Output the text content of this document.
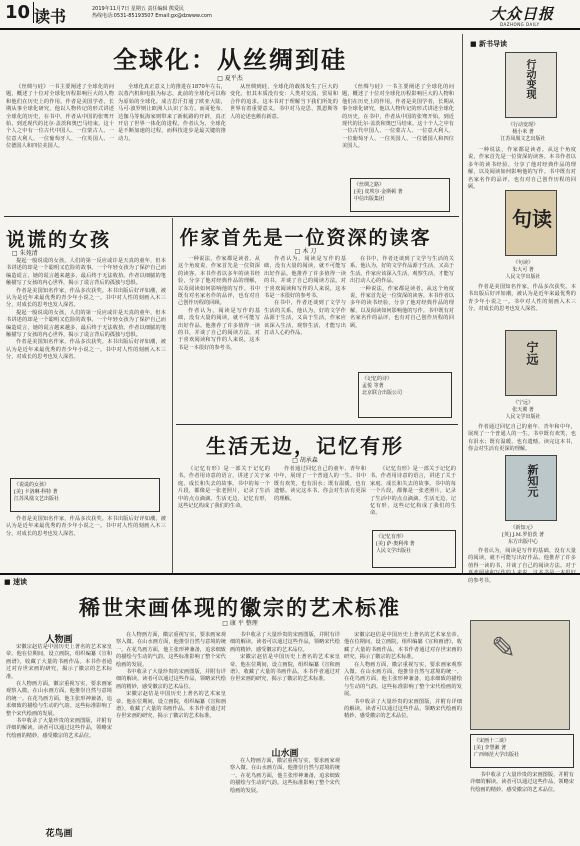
10 读书	2019年11月7日 星期五 责任编辑 熊爱民
热线电话:0531-85193507 Email:gx@dzwww.com	大众日报
DAZHONG DAILY
全球化：从丝绸到硅
□ 夏平杰

《丝绸与硅》一书主要阐述了全球化的问题，概述了十位对全球化历程影响巨大的人物和他们在历史上的作用。作者是美国学者，长期从事全球化研究，他以人物传记的形式讲述全球化的历史，在书中，作者从中国的张骞开始，到近现代的比尔·盖茨和奥巴马结束。这十个人之中有一位古代中国人、一位蒙古人、一位意大利人、一位葡萄牙人、一位英国人、一位德国人和四位美国人。

全球化真正意义上的推进在1870年左右，以蒸汽机和电报为标志，此前的全球化可以称为原始的全球化。成吉思汗打通了欧亚大陆，马可·波罗则让欧洲人认识了东方。而哥伦布、达伽马等航海家则带来了新航路的开辟，真正开启了世界一体化的进程。作者认为，全球化是不断加速的过程，而科技进步是最关键的推动力。

从丝绸到硅，全球化的载体发生了巨大的变化，但其本质没有变：人类对交流、贸易和合作的追求。这本书对于理解当下我们所处的世界有着重要意义。书中对马克思、凯恩斯等人的论述也颇有新意。

《丝绸与硅》一书主要阐述了全球化的问题，概述了十位对全球化历程影响巨大的人物和他们在历史上的作用。作者是美国学者，长期从事全球化研究，他以人物传记的形式讲述全球化的历史，在书中，作者从中国的张骞开始，到近现代的比尔·盖茨和奥巴马结束。这十个人之中有一位古代中国人、一位蒙古人、一位意大利人、一位葡萄牙人、一位英国人、一位德国人和四位美国人。

《丝绸之路》
[美] 皮埃尔·金斯顿 著
中信出版集团
说谎的女孩
□ 朱苑清

提起一般说谎的女孩，人们的第一反应或许是天真的童年，但本书讲述的却是一个聪明又危险的故事。一个年轻女孩为了保护自己而编造谎言，她的谎言越来越多，最后终于无法收拾。作者以细腻的笔触描写了女孩的内心世界，揭示了谎言背后的孤独与恐惧。

作者是美国知名作家，作品多次获奖。本书出版后好评如潮，被认为是近年来最优秀的青少年小说之一。书中对人性的刻画入木三分，对成长的思考也发人深省。

提起一般说谎的女孩，人们的第一反应或许是天真的童年，但本书讲述的却是一个聪明又危险的故事。一个年轻女孩为了保护自己而编造谎言，她的谎言越来越多，最后终于无法收拾。作者以细腻的笔触描写了女孩的内心世界，揭示了谎言背后的孤独与恐惧。

作者是美国知名作家，作品多次获奖。本书出版后好评如潮，被认为是近年来最优秀的青少年小说之一。书中对人性的刻画入木三分，对成长的思考也发人深省。

《说谎的女孩》
[美] 卡洛琳·科特 著
江苏凤凰文艺出版社

作者是美国知名作家，作品多次获奖。本书出版后好评如潮，被认为是近年来最优秀的青少年小说之一。书中对人性的刻画入木三分，对成长的思考也发人深省。

作家首先是一位资深的读客
□ 木 刀

一种说法，作家都是读者。从这个角度说，作家首先是一位资深的读客。本书作者以多年的读书经验，分享了他对经典作品的理解，以及阅读如何影响他的写作。书中既有对名家名作的品评，也有对自己创作历程的回顾。

作者认为，阅读是写作的基础，没有大量的阅读，就不可能写出好作品。他推荐了许多值得一读的书，并谈了自己的阅读方法。对于喜欢阅读和写作的人来说，这本书是一本很好的参考书。

作者认为，阅读是写作的基础，没有大量的阅读，就不可能写出好作品。他推荐了许多值得一读的书，并谈了自己的阅读方法。对于喜欢阅读和写作的人来说，这本书是一本很好的参考书。

在书中，作者还谈到了文学与生活的关系。他认为，好的文学作品源于生活，又高于生活。作家应该深入生活，观察生活，才能写出打动人心的作品。

在书中，作者还谈到了文学与生活的关系。他认为，好的文学作品源于生活，又高于生活。作家应该深入生活，观察生活，才能写出打动人心的作品。

一种说法，作家都是读者。从这个角度说，作家首先是一位资深的读客。本书作者以多年的读书经验，分享了他对经典作品的理解，以及阅读如何影响他的写作。书中既有对名家名作的品评，也有对自己创作历程的回顾。

《记忆的诗》
孟悦 等著
北京联合出版公司
生活无边，记忆有形
□ 胡承森

《记忆有形》是一部关于记忆的书。作者用诗意的语言，讲述了关于家庭、成长和失去的故事。书中的每一个片段，都像是一张老照片，记录了生活中的点点滴滴。生活无边，记忆有形，这些记忆构成了我们的生命。

作者通过回忆自己的童年、青年和中年，展现了一个普通人的一生。书中既有欢笑，也有泪水；既有温暖，也有遗憾。读完这本书，你会对生活有更深的理解。

《记忆有形》是一部关于记忆的书。作者用诗意的语言，讲述了关于家庭、成长和失去的故事。书中的每一个片段，都像是一张老照片，记录了生活中的点点滴滴。生活无边，记忆有形，这些记忆构成了我们的生命。

《记忆有形》
[美] 萨·奥利弗 著
人民文学出版社
■ 新书导读
行动变现
《行动变现》
杨小米 著
江苏凤凰文艺出版社

一种说法，作家都是读者。从这个角度说，作家首先是一位资深的读客。本书作者以多年的读书经验，分享了他对经典作品的理解，以及阅读如何影响他的写作。书中既有对名家名作的品评，也有对自己创作历程的回顾。

句读
《句读》
朱大可 著
人民文学出版社

作者是美国知名作家，作品多次获奖。本书出版后好评如潮，被认为是近年来最优秀的青少年小说之一。书中对人性的刻画入木三分，对成长的思考也发人深省。

宁远
《宁远》
张天翼 著
人民文学出版社

作者通过回忆自己的童年、青年和中年，展现了一个普通人的一生。书中既有欢笑，也有泪水；既有温暖，也有遗憾。读完这本书，你会对生活有更深的理解。

新知元
《新知元》
[英] J.M.罗伯茨 著
东方出版中心

作者认为，阅读是写作的基础，没有大量的阅读，就不可能写出好作品。他推荐了许多值得一读的书，并谈了自己的阅读方法。对于 的参考书。

■ 速读
稀世宋画体现的徽宗的艺术标准
□ 康 平 整理
人物画

宋徽宗赵佶是中国历史上著名的艺术家皇帝。他在位期间，设立画院，组织编纂《宣和画谱》，收藏了大量的书画作品。本书作者通过对存世宋画的研究，揭示了徽宗的艺术标准。

在人物画方面，徽宗重视写实，要求画家观察入微。在山水画方面，他推崇自然与意境的统一。在花鸟画方面，他主张形神兼备，追求细致的描绘与生动的气韵。这些标准影响了整个宋代绘画的发展。

书中收录了大量珍贵的宋画图版，并附有详细的解读。读者可以通过这些作品，领略宋代绘画的精妙，感受徽宗的艺术品位。

花鸟画

在人物画方面，徽宗重视写实，要求画家观察入微。在山水画方面，他推崇自然与意境的统一。在花鸟画方面，他主张形神兼备，追求细致的描绘与生动的气韵。这些标准影响了整个宋代绘画的发展。

书中收录了大量珍贵的宋画图版，并附有详细的解读。读者可以通过这些作品，领略宋代绘画的精妙，感受徽宗的艺术品位。

宋徽宗赵佶是中国历史上著名的艺术家皇帝。他在位期间，设立画院，组织编纂《宣和画谱》，收藏了大量的书画作品。本书作者通过对存世宋画的研究，揭示了徽宗的艺术标准。

书中收录了大量珍贵的宋画图版，并附有详细的解读。读者可以通过这些作品，领略宋代绘画的精妙，感受徽宗的艺术品位。

宋徽宗赵佶是中国历史上著名的艺术家皇帝。他在位期间，设立画院，组织编纂《宣和画谱》，收藏了大量的书画作品。本书作者通过对存世宋画的研究，揭示了徽宗的艺术标准。

山水画

在人物画方面，徽宗重视写实，要求画家观察入微。在山水画方面，他推崇自然与意境的统一。在花鸟画方面，他主张形神兼备，追求细致的描绘与生动的气韵。这些标准影响了整个宋代绘画的发展。

宋徽宗赵佶是中国历史上著名的艺术家皇帝。他在位期间，设立画院，组织编纂《宣和画谱》，收藏了大量的书画作品。本书作者通过对存世宋画的研究，揭示了徽宗的艺术标准。

在人物画方面，徽宗重视写实，要求画家观察入微。在山水画方面，他推崇自然与意境的统一。在花鸟画方面，他主张形神兼备，追求细致的描绘与生动的气韵。这些标准影响了整个宋代绘画的发展。

书中收录了大量珍贵的宋画图版，并附有详细的解读。读者可以通过这些作品，领略宋代绘画的精妙，感受徽宗的艺术品位。

✎
《宋画十二谈》
[美] 李慧漱 著
广西师范大学出版社

书中收录了大量珍贵的宋画图版，并附有详细的解读。读者可以通过这些作品，领略宋代绘画的精妙，感受徽宗的艺术品位。
